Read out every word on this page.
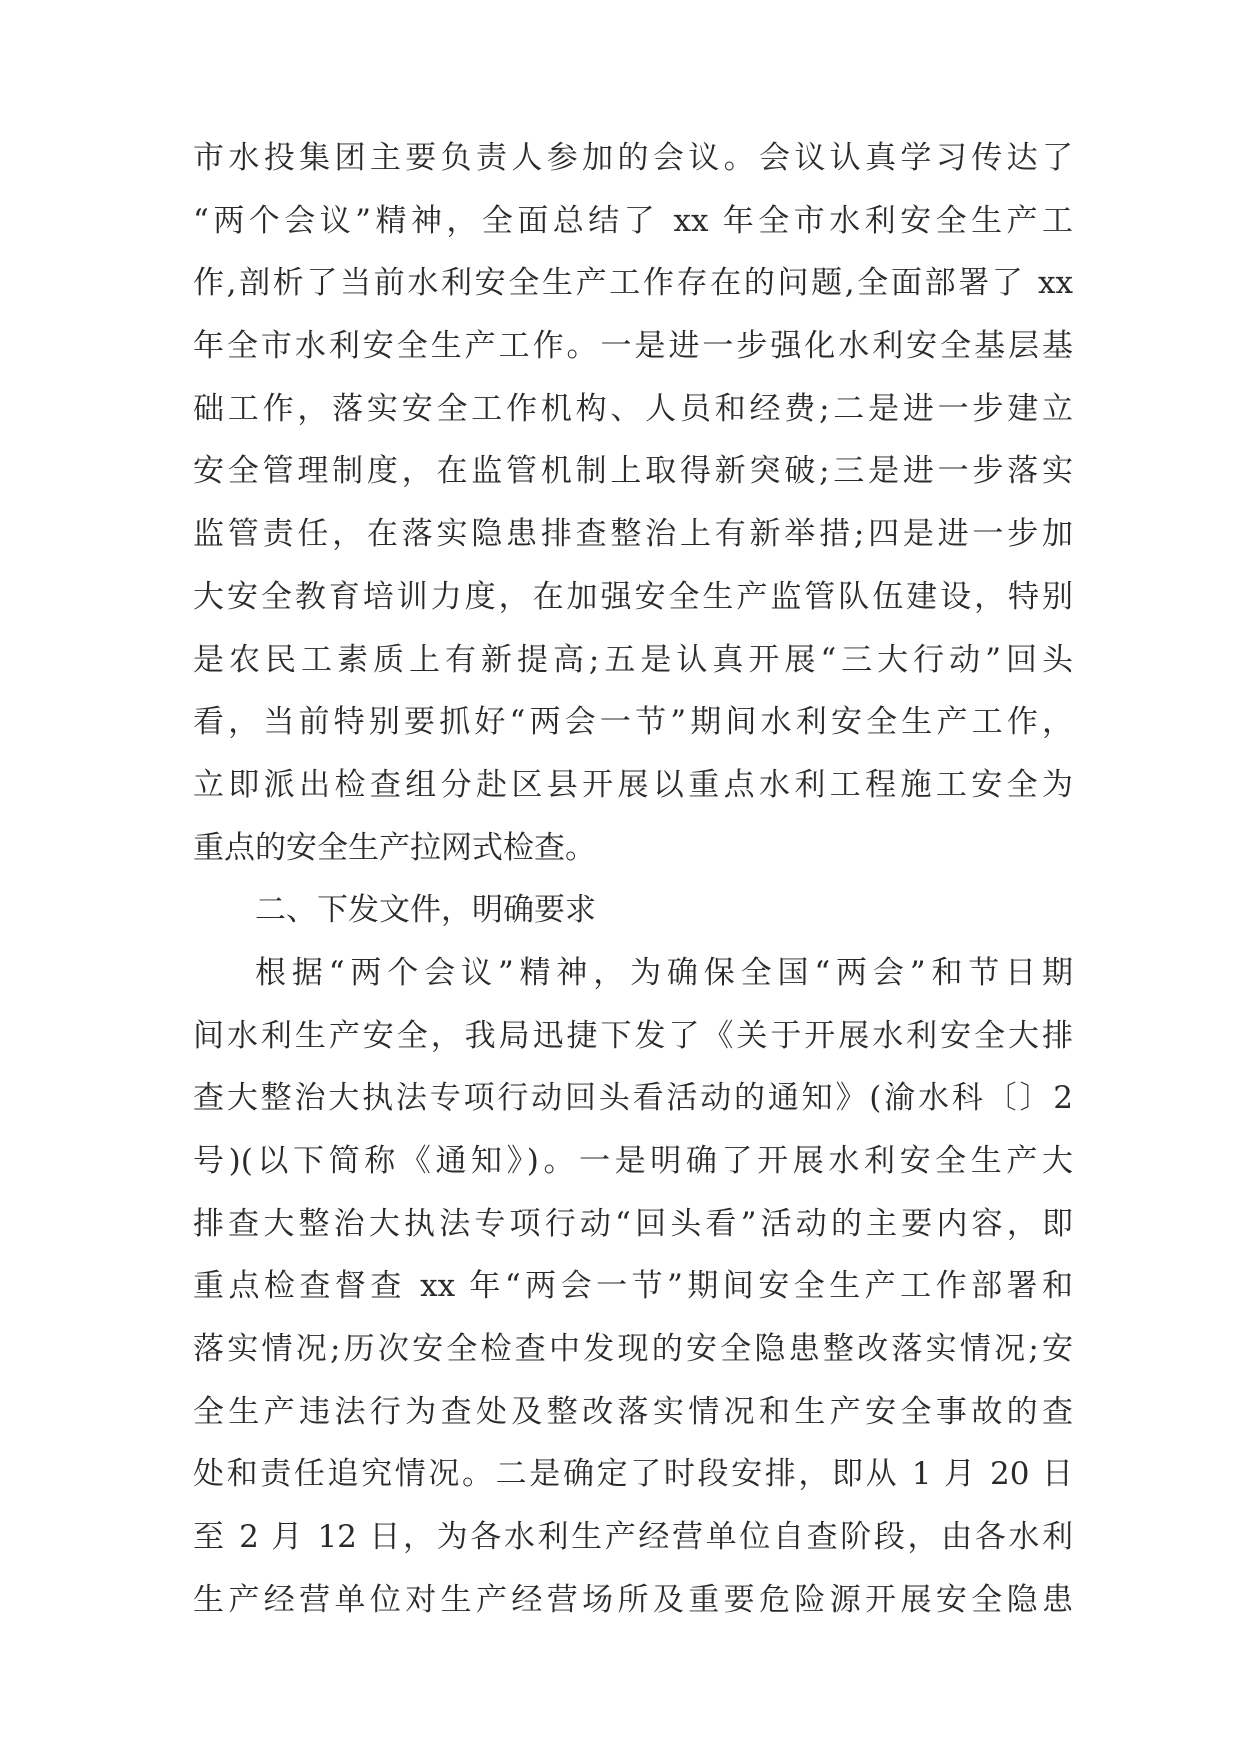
市水投集团主要负责人参加的会议。会议认真学习传达了
“两个会议”精神，全面总结了 xx 年全市水利安全生产工
作,剖析了当前水利安全生产工作存在的问题,全面部署了 xx
年全市水利安全生产工作。一是进一步强化水利安全基层基
础工作，落实安全工作机构、人员和经费;二是进一步建立
安全管理制度，在监管机制上取得新突破;三是进一步落实
监管责任，在落实隐患排查整治上有新举措;四是进一步加
大安全教育培训力度，在加强安全生产监管队伍建设，特别
是农民工素质上有新提高;五是认真开展“三大行动”回头
看，当前特别要抓好“两会一节”期间水利安全生产工作，
立即派出检查组分赴区县开展以重点水利工程施工安全为
重点的安全生产拉网式检查。
二、下发文件，明确要求
根据“两个会议”精神，为确保全国“两会”和节日期
间水利生产安全，我局迅捷下发了《关于开展水利安全大排
查大整治大执法专项行动回头看活动的通知》(渝水科〔〕2
号)(以下简称《通知》)。一是明确了开展水利安全生产大
排查大整治大执法专项行动“回头看”活动的主要内容，即
重点检查督查 xx 年“两会一节”期间安全生产工作部署和
落实情况;历次安全检查中发现的安全隐患整改落实情况;安
全生产违法行为查处及整改落实情况和生产安全事故的查
处和责任追究情况。二是确定了时段安排，即从 1 月 20 日
至 2 月 12 日，为各水利生产经营单位自查阶段，由各水利
生产经营单位对生产经营场所及重要危险源开展安全隐患
